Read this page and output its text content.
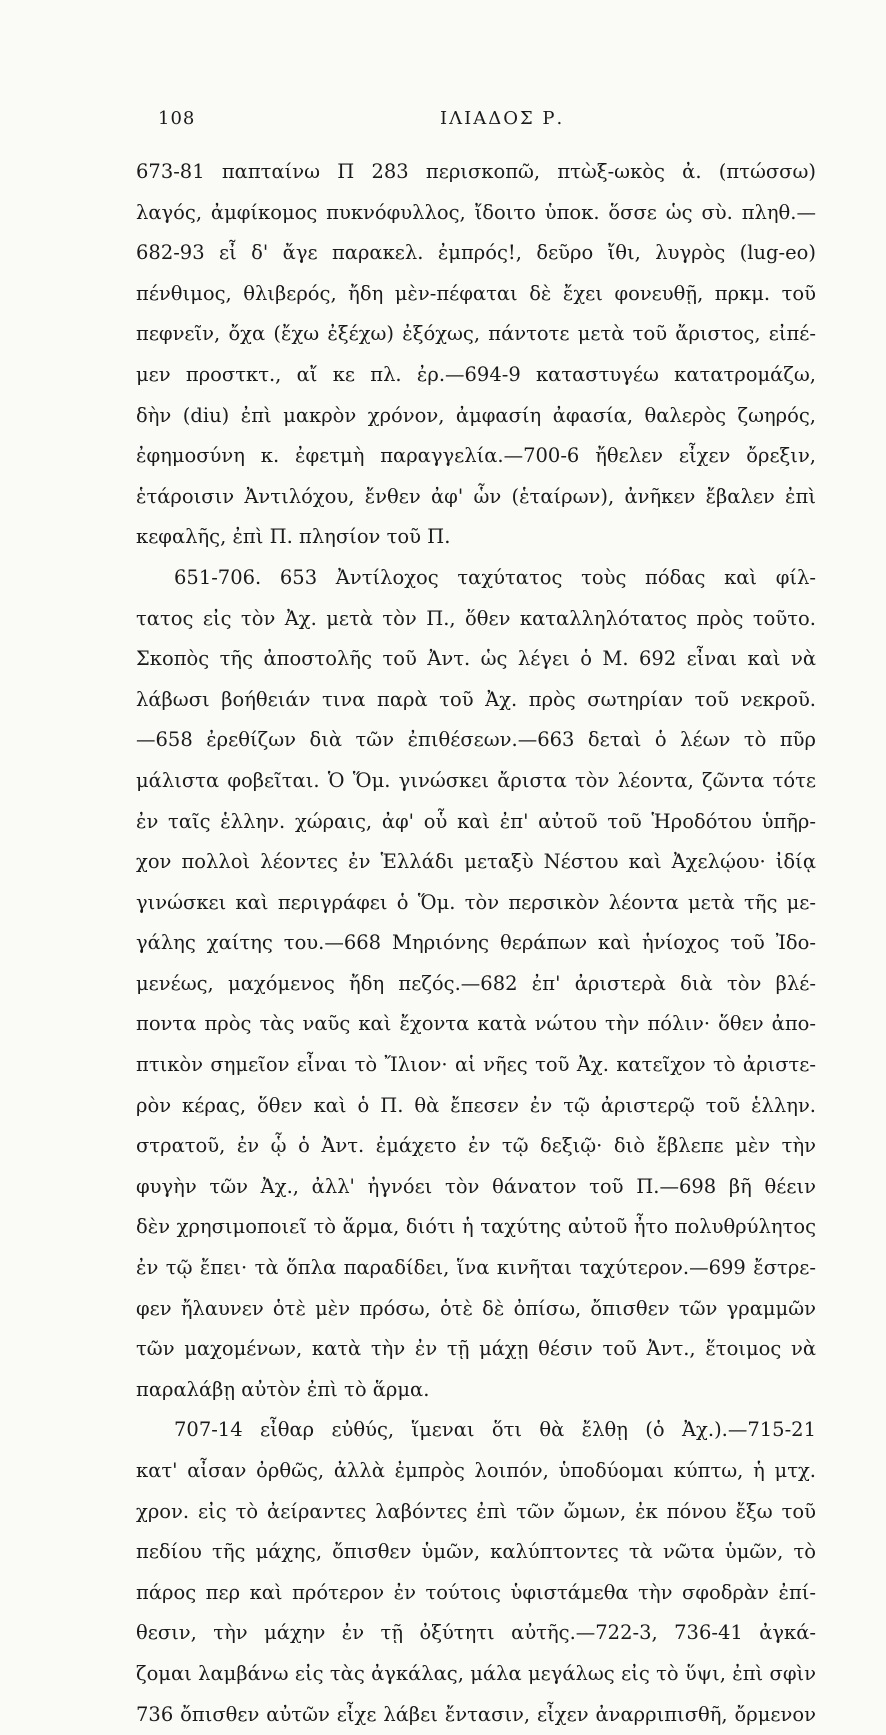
108	ΙΛΙΑΔΟΣ Ρ.
673-81 παπταίνω Π 283 περισκοπῶ, πτὼξ-ωκὸς ἀ. (πτώσσω)
λαγός, ἀμφίκομος πυκνόφυλλος, ἴδοιτο ὑποκ. ὅσσε ὡς σὺ. πληθ.—
682-93 εἶ δ' ἄγε παρακελ. ἐμπρός!, δεῦρο ἴθι, λυγρὸς (lug-eo)
πένθιμος, θλιβερός, ἤδη μὲν-πέφαται δὲ ἔχει φονευθῇ, πρκμ. τοῦ
πεφνεῖν, ὄχα (ἔχω ἐξέχω) ἐξόχως, πάντοτε μετὰ τοῦ ἄριστος, εἰπέ-
μεν προστκτ., αἴ κε πλ. ἐρ.—694-9 καταστυγέω κατατρομάζω,
δὴν (diu) ἐπὶ μακρὸν χρόνον, ἀμφασίη ἀφασία, θαλερὸς ζωηρός,
ἐφημοσύνη κ. ἐφετμὴ παραγγελία.—700-6 ἤθελεν εἶχεν ὄρεξιν,
ἑτάροισιν Ἀντιλόχου, ἔνθεν ἀφ' ὧν (ἑταίρων), ἀνῆκεν ἔβαλεν ἐπὶ
κεφαλῆς, ἐπὶ Π. πλησίον τοῦ Π.
651-706. 653 Ἀντίλοχος ταχύτατος τοὺς πόδας καὶ φίλ-
τατος εἰς τὸν Ἀχ. μετὰ τὸν Π., ὅθεν καταλληλότατος πρὸς τοῦτο.
Σκοπὸς τῆς ἀποστολῆς τοῦ Ἀντ. ὡς λέγει ὁ Μ. 692 εἶναι καὶ νὰ
λάβωσι βοήθειάν τινα παρὰ τοῦ Ἀχ. πρὸς σωτηρίαν τοῦ νεκροῦ.
—658 ἐρεθίζων διὰ τῶν ἐπιθέσεων.—663 δεταὶ ὁ λέων τὸ πῦρ
μάλιστα φοβεῖται. Ὁ Ὅμ. γινώσκει ἄριστα τὸν λέοντα, ζῶντα τότε
ἐν ταῖς ἑλλην. χώραις, ἀφ' οὗ καὶ ἐπ' αὐτοῦ τοῦ Ἡροδότου ὑπῆρ-
χον πολλοὶ λέοντες ἐν Ἑλλάδι μεταξὺ Νέστου καὶ Ἀχελῴου· ἰδίᾳ
γινώσκει καὶ περιγράφει ὁ Ὅμ. τὸν περσικὸν λέοντα μετὰ τῆς με-
γάλης χαίτης του.—668 Μηριόνης θεράπων καὶ ἡνίοχος τοῦ Ἰδο-
μενέως, μαχόμενος ἤδη πεζός.—682 ἐπ' ἀριστερὰ διὰ τὸν βλέ-
ποντα πρὸς τὰς ναῦς καὶ ἔχοντα κατὰ νώτου τὴν πόλιν· ὅθεν ἀπο-
πτικὸν σημεῖον εἶναι τὸ Ἴλιον· αἱ νῆες τοῦ Ἀχ. κατεῖχον τὸ ἀριστε-
ρὸν κέρας, ὅθεν καὶ ὁ Π. θὰ ἔπεσεν ἐν τῷ ἀριστερῷ τοῦ ἑλλην.
στρατοῦ, ἐν ᾧ ὁ Ἀντ. ἐμάχετο ἐν τῷ δεξιῷ· διὸ ἔβλεπε μὲν τὴν
φυγὴν τῶν Ἀχ., ἀλλ' ἠγνόει τὸν θάνατον τοῦ Π.—698 βῆ θέειν
δὲν χρησιμοποιεῖ τὸ ἅρμα, διότι ἡ ταχύτης αὐτοῦ ἦτο πολυθρύλητος
ἐν τῷ ἔπει· τὰ ὅπλα παραδίδει, ἵνα κινῆται ταχύτερον.—699 ἔστρε-
φεν ἤλαυνεν ὁτὲ μὲν πρόσω, ὁτὲ δὲ ὀπίσω, ὄπισθεν τῶν γραμμῶν
τῶν μαχομένων, κατὰ τὴν ἐν τῇ μάχῃ θέσιν τοῦ Ἀντ., ἕτοιμος νὰ
παραλάβῃ αὐτὸν ἐπὶ τὸ ἅρμα.
707-14 εἶθαρ εὐθύς, ἵμεναι ὅτι θὰ ἔλθῃ (ὁ Ἀχ.).—715-21
κατ' αἶσαν ὀρθῶς, ἀλλὰ ἐμπρὸς λοιπόν, ὑποδύομαι κύπτω, ἡ μτχ.
χρον. εἰς τὸ ἀείραντες λαβόντες ἐπὶ τῶν ὤμων, ἐκ πόνου ἔξω τοῦ
πεδίου τῆς μάχης, ὄπισθεν ὑμῶν, καλύπτοντες τὰ νῶτα ὑμῶν, τὸ
πάρος περ καὶ πρότερον ἐν τούτοις ὑφιστάμεθα τὴν σφοδρὰν ἐπί-
θεσιν, τὴν μάχην ἐν τῇ ὀξύτητι αὐτῆς.—722-3, 736-41 ἀγκά-
ζομαι λαμβάνω εἰς τὰς ἀγκάλας, μάλα μεγάλως εἰς τὸ ὕψι, ἐπὶ σφὶν
736 ὄπισθεν αὐτῶν εἶχε λάβει ἔντασιν, εἶχεν ἀναρριπισθῆ, ὄρμενον
